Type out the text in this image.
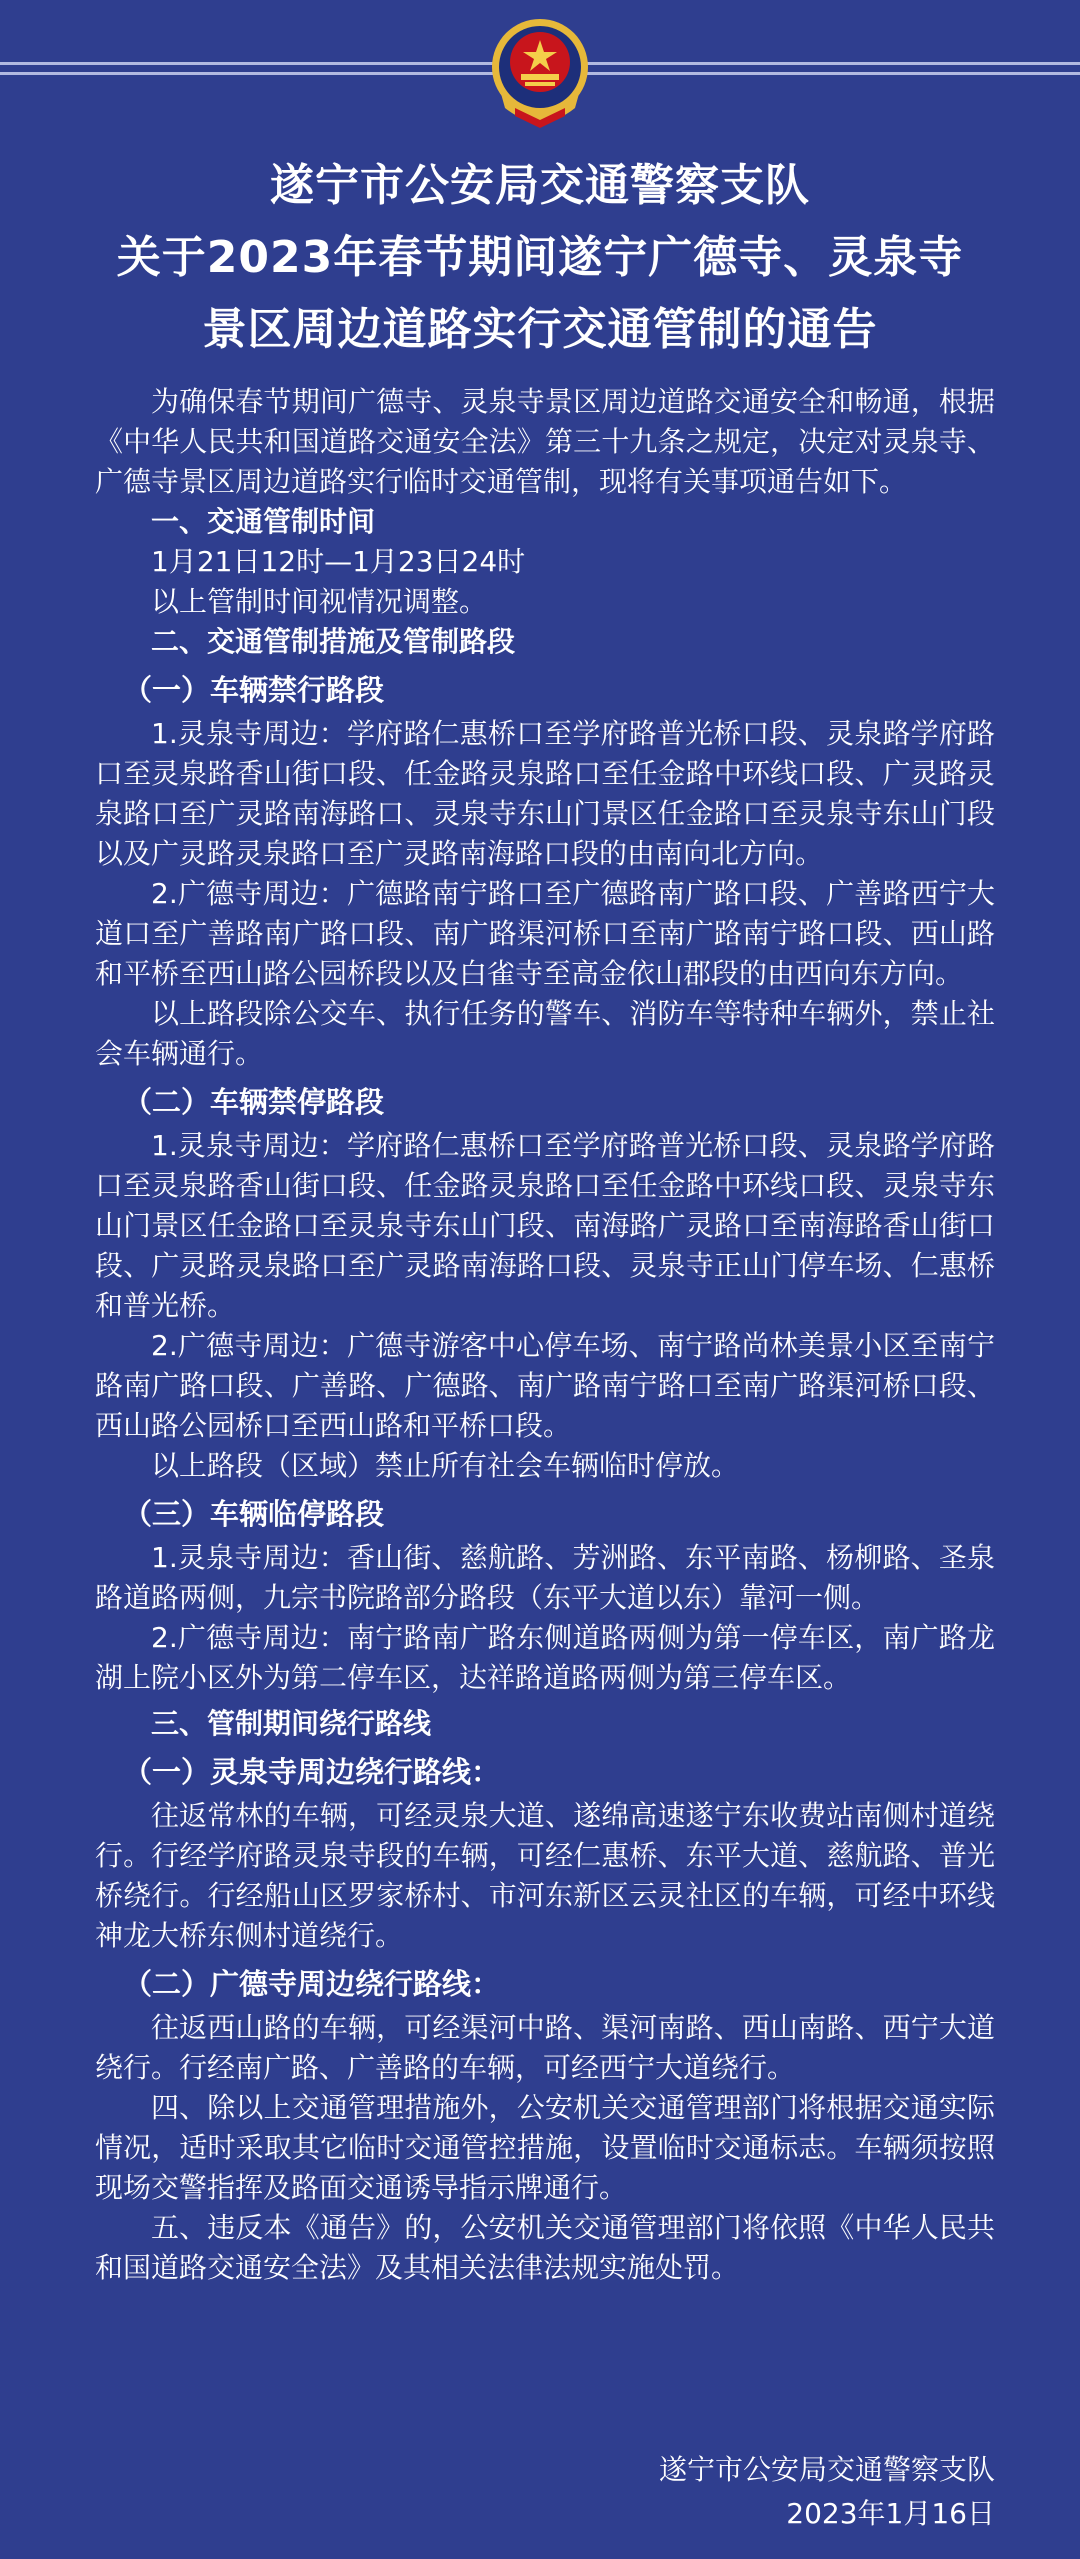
遂宁市公安局交通警察支队
关于2023年春节期间遂宁广德寺、灵泉寺
景区周边道路实行交通管制的通告

为确保春节期间广德寺、灵泉寺景区周边道路交通安全和畅通，根据《中华人民共和国道路交通安全法》第三十九条之规定，决定对灵泉寺、广德寺景区周边道路实行临时交通管制，现将有关事项通告如下。

一、交通管制时间

1月21日12时—1月23日24时

以上管制时间视情况调整。

二、交通管制措施及管制路段

（一）车辆禁行路段

1.灵泉寺周边：学府路仁惠桥口至学府路普光桥口段、灵泉路学府路口至灵泉路香山街口段、任金路灵泉路口至任金路中环线口段、广灵路灵泉路口至广灵路南海路口、灵泉寺东山门景区任金路口至灵泉寺东山门段以及广灵路灵泉路口至广灵路南海路口段的由南向北方向。

2.广德寺周边：广德路南宁路口至广德路南广路口段、广善路西宁大道口至广善路南广路口段、南广路渠河桥口至南广路南宁路口段、西山路和平桥至西山路公园桥段以及白雀寺至高金依山郡段的由西向东方向。

以上路段除公交车、执行任务的警车、消防车等特种车辆外，禁止社会车辆通行。

（二）车辆禁停路段

1.灵泉寺周边：学府路仁惠桥口至学府路普光桥口段、灵泉路学府路口至灵泉路香山街口段、任金路灵泉路口至任金路中环线口段、灵泉寺东山门景区任金路口至灵泉寺东山门段、南海路广灵路口至南海路香山街口段、广灵路灵泉路口至广灵路南海路口段、灵泉寺正山门停车场、仁惠桥和普光桥。

2.广德寺周边：广德寺游客中心停车场、南宁路尚林美景小区至南宁路南广路口段、广善路、广德路、南广路南宁路口至南广路渠河桥口段、西山路公园桥口至西山路和平桥口段。

以上路段（区域）禁止所有社会车辆临时停放。

（三）车辆临停路段

1.灵泉寺周边：香山街、慈航路、芳洲路、东平南路、杨柳路、圣泉路道路两侧，九宗书院路部分路段（东平大道以东）靠河一侧。

2.广德寺周边：南宁路南广路东侧道路两侧为第一停车区，南广路龙湖上院小区外为第二停车区，达祥路道路两侧为第三停车区。

三、管制期间绕行路线

（一）灵泉寺周边绕行路线：

往返常林的车辆，可经灵泉大道、遂绵高速遂宁东收费站南侧村道绕行。行经学府路灵泉寺段的车辆，可经仁惠桥、东平大道、慈航路、普光桥绕行。行经船山区罗家桥村、市河东新区云灵社区的车辆，可经中环线神龙大桥东侧村道绕行。

（二）广德寺周边绕行路线：

往返西山路的车辆，可经渠河中路、渠河南路、西山南路、西宁大道绕行。行经南广路、广善路的车辆，可经西宁大道绕行。

四、除以上交通管理措施外，公安机关交通管理部门将根据交通实际情况，适时采取其它临时交通管控措施，设置临时交通标志。车辆须按照现场交警指挥及路面交通诱导指示牌通行。

五、违反本《通告》的，公安机关交通管理部门将依照《中华人民共和国道路交通安全法》及其相关法律法规实施处罚。

遂宁市公安局交通警察支队
2023年1月16日
